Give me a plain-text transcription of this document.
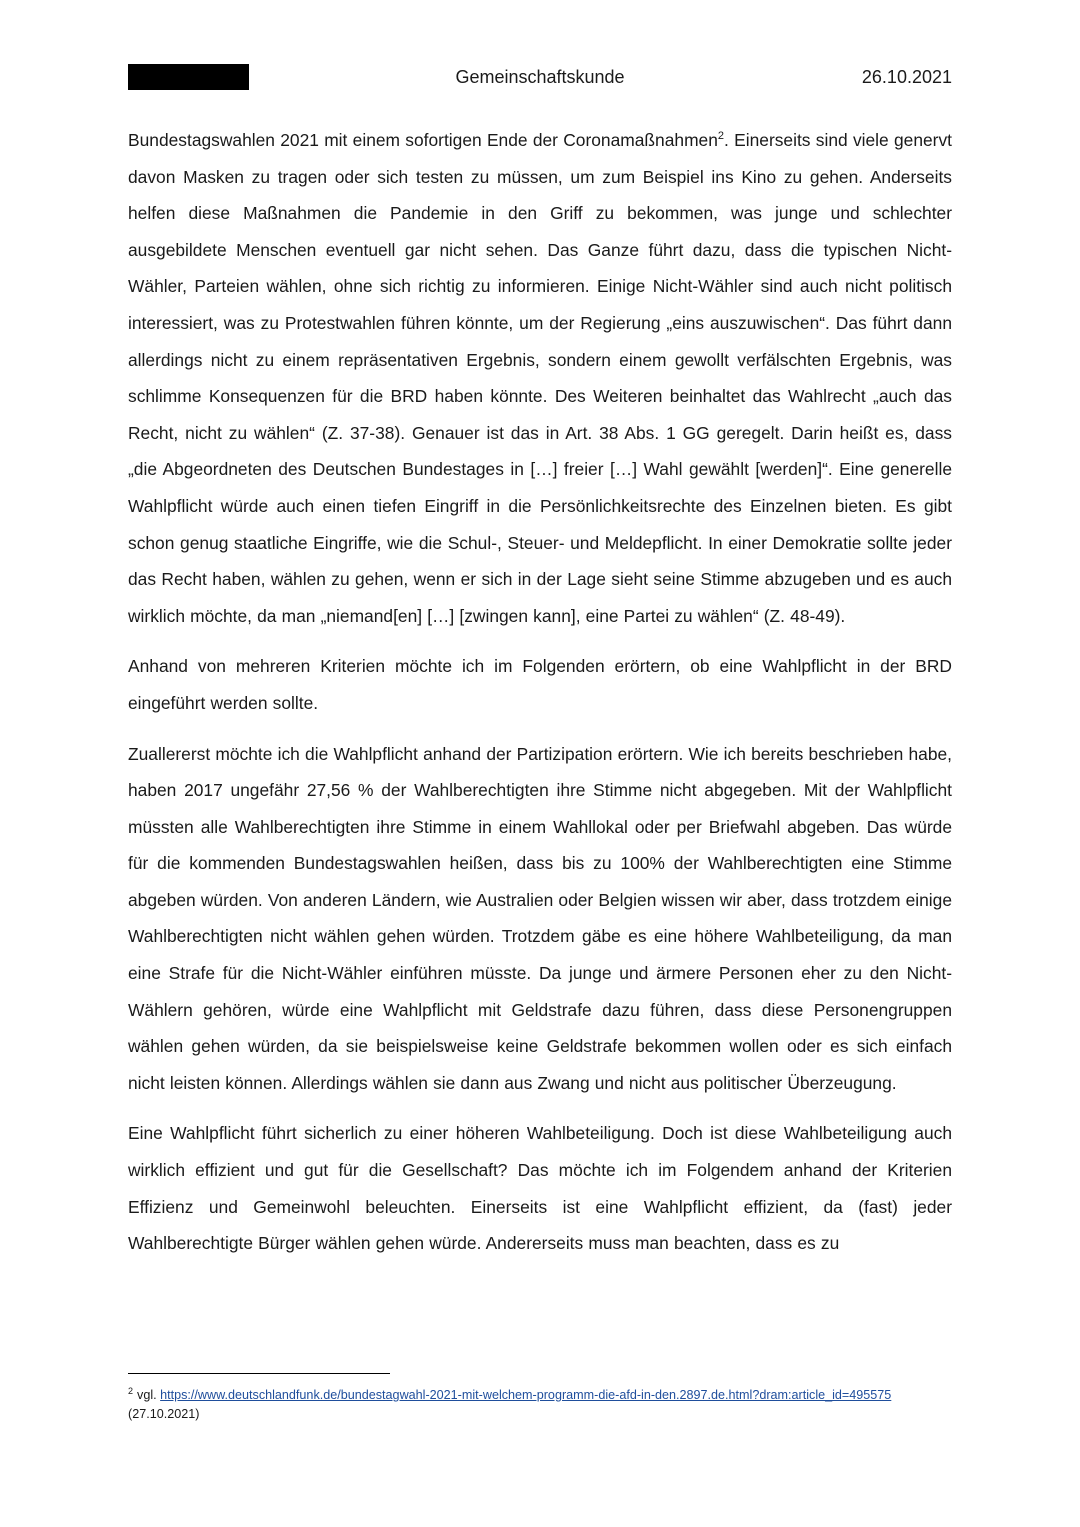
Gemeinschaftskunde	26.10.2021

Bundestagswahlen 2021 mit einem sofortigen Ende der Coronamaßnahmen$^2$. Einerseits sind viele genervt davon Masken zu tragen oder sich testen zu müssen, um zum Beispiel ins Kino zu gehen. Anderseits helfen diese Maßnahmen die Pandemie in den Griff zu bekommen, was junge und schlechter ausgebildete Menschen eventuell gar nicht sehen. Das Ganze führt dazu, dass die typischen Nicht-Wähler, Parteien wählen, ohne sich richtig zu informieren. Einige Nicht-Wähler sind auch nicht politisch interessiert, was zu Protestwahlen führen könnte, um der Regierung „eins auszuwischen“. Das führt dann allerdings nicht zu einem repräsentativen Ergebnis, sondern einem gewollt verfälschten Ergebnis, was schlimme Konsequenzen für die BRD haben könnte. Des Weiteren beinhaltet das Wahlrecht „auch das Recht, nicht zu wählen“ (Z. 37-38). Genauer ist das in Art. 38 Abs. 1 GG geregelt. Darin heißt es, dass „die Abgeordneten des Deutschen Bundestages in […] freier […] Wahl gewählt [werden]“. Eine generelle Wahlpflicht würde auch einen tiefen Eingriff in die Persönlichkeitsrechte des Einzelnen bieten. Es gibt schon genug staatliche Eingriffe, wie die Schul-, Steuer- und Meldepflicht. In einer Demokratie sollte jeder das Recht haben, wählen zu gehen, wenn er sich in der Lage sieht seine Stimme abzugeben und es auch wirklich möchte, da man „niemand[en] […] [zwingen kann], eine Partei zu wählen“ (Z. 48-49).

Anhand von mehreren Kriterien möchte ich im Folgenden erörtern, ob eine Wahlpflicht in der BRD eingeführt werden sollte.

Zuallererst möchte ich die Wahlpflicht anhand der Partizipation erörtern. Wie ich bereits beschrieben habe, haben 2017 ungefähr 27,56 % der Wahlberechtigten ihre Stimme nicht abgegeben. Mit der Wahlpflicht müssten alle Wahlberechtigten ihre Stimme in einem Wahllokal oder per Briefwahl abgeben. Das würde für die kommenden Bundestagswahlen heißen, dass bis zu 100% der Wahlberechtigten eine Stimme abgeben würden. Von anderen Ländern, wie Australien oder Belgien wissen wir aber, dass trotzdem einige Wahlberechtigten nicht wählen gehen würden. Trotzdem gäbe es eine höhere Wahlbeteiligung, da man eine Strafe für die Nicht-Wähler einführen müsste. Da junge und ärmere Personen eher zu den Nicht-Wählern gehören, würde eine Wahlpflicht mit Geldstrafe dazu führen, dass diese Personengruppen wählen gehen würden, da sie beispielsweise keine Geldstrafe bekommen wollen oder es sich einfach nicht leisten können. Allerdings wählen sie dann aus Zwang und nicht aus politischer Überzeugung.

Eine Wahlpflicht führt sicherlich zu einer höheren Wahlbeteiligung. Doch ist diese Wahlbeteiligung auch wirklich effizient und gut für die Gesellschaft? Das möchte ich im Folgendem anhand der Kriterien Effizienz und Gemeinwohl beleuchten. Einerseits ist eine Wahlpflicht effizient, da (fast) jeder Wahlberechtigte Bürger wählen gehen würde. Andererseits muss man beachten, dass es zu

$^2$ vgl. https://www.deutschlandfunk.de/bundestagwahl-2021-mit-welchem-programm-die-afd-in-den.2897.de.html?dram:article_id=495575 (27.10.2021)
